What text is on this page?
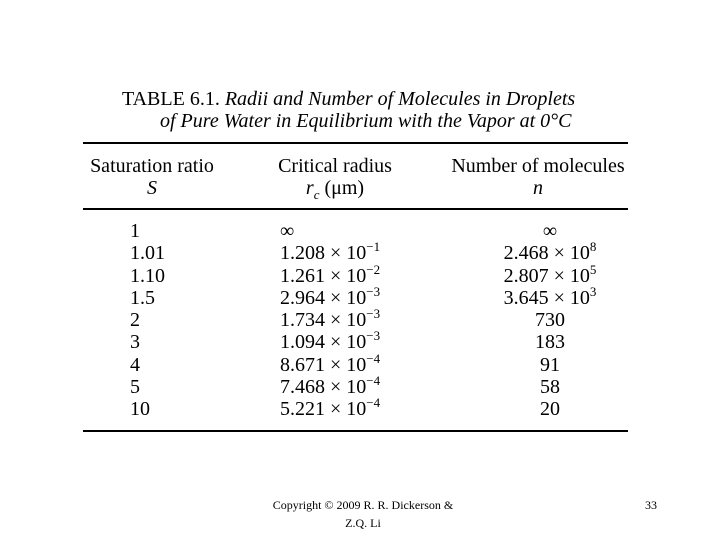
TABLE 6.1. Radii and Number of Molecules in Droplets
of Pure Water in Equilibrium with the Vapor at 0°C
Saturation ratio
S
Critical radius
$r_c$ (μm)
Number of molecules
n
1
1.01
1.10
1.5
2
3
4
5
10
∞
$1.208 \times 10^{-1}$
$1.261 \times 10^{-2}$
$2.964 \times 10^{-3}$
$1.734 \times 10^{-3}$
$1.094 \times 10^{-3}$
$8.671 \times 10^{-4}$
$7.468 \times 10^{-4}$
$5.221 \times 10^{-4}$
∞
$2.468 \times 10^8$
$2.807 \times 10^5$
$3.645 \times 10^3$
730
183
91
58
20
Copyright © 2009 R. R. Dickerson &
Z.Q. Li
33
